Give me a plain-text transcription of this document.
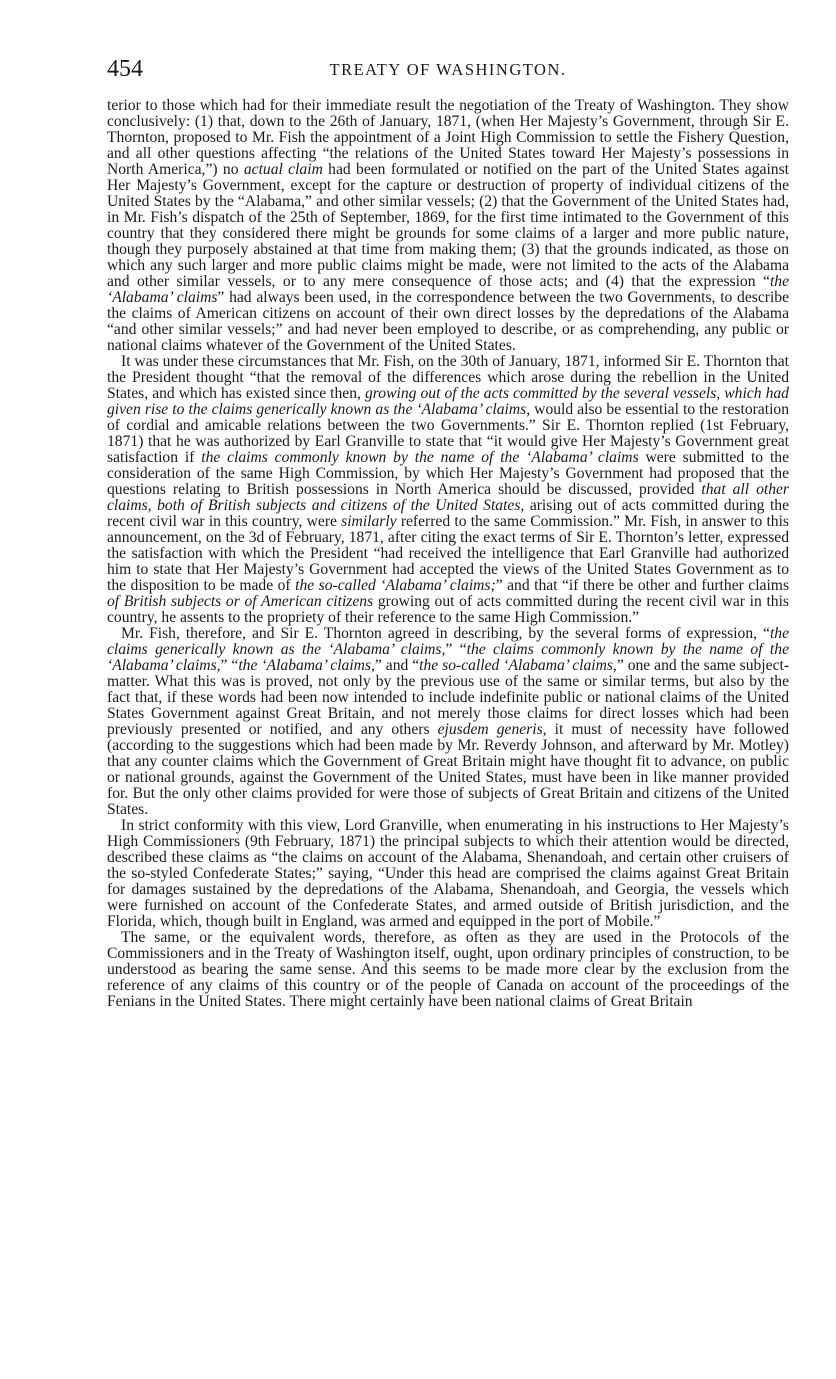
454	TREATY OF WASHINGTON.

terior to those which had for their immediate result the negotiation of the Treaty of Washington. They show conclusively: (1) that, down to the 26th of January, 1871, (when Her Majesty’s Government, through Sir E. Thornton, proposed to Mr. Fish the appointment of a Joint High Commission to settle the Fishery Question, and all other questions affecting “the relations of the United States toward Her Majesty’s possessions in North America,”) no actual claim had been formulated or notified on the part of the United States against Her Majesty’s Government, except for the capture or destruction of property of individual citizens of the United States by the “Alabama,” and other similar vessels; (2) that the Government of the United States had, in Mr. Fish’s dispatch of the 25th of September, 1869, for the first time intimated to the Government of this country that they considered there might be grounds for some claims of a larger and more public nature, though they purposely abstained at that time from making them; (3) that the grounds indicated, as those on which any such larger and more public claims might be made, were not limited to the acts of the Alabama and other similar vessels, or to any mere consequence of those acts; and (4) that the expression “the ‘Alabama’ claims” had always been used, in the correspondence between the two Governments, to describe the claims of American citizens on account of their own direct losses by the depredations of the Alabama “and other similar vessels;” and had never been employed to describe, or as comprehending, any public or national claims whatever of the Government of the United States.

It was under these circumstances that Mr. Fish, on the 30th of January, 1871, informed Sir E. Thornton that the President thought “that the removal of the differences which arose during the rebellion in the United States, and which has existed since then, growing out of the acts committed by the several vessels, which had given rise to the claims generically known as the ‘Alabama’ claims, would also be essential to the restoration of cordial and amicable relations between the two Governments.” Sir E. Thornton replied (1st February, 1871) that he was authorized by Earl Granville to state that “it would give Her Majesty’s Government great satisfaction if the claims commonly known by the name of the ‘Alabama’ claims were submitted to the consideration of the same High Commission, by which Her Majesty’s Government had proposed that the questions relating to British possessions in North America should be discussed, provided that all other claims, both of British subjects and citizens of the United States, arising out of acts committed during the recent civil war in this country, were similarly referred to the same Commission.” Mr. Fish, in answer to this announcement, on the 3d of February, 1871, after citing the exact terms of Sir E. Thornton’s letter, expressed the satisfaction with which the President “had received the intelligence that Earl Granville had authorized him to state that Her Majesty’s Government had accepted the views of the United States Government as to the disposition to be made of the so-called ‘Alabama’ claims;” and that “if there be other and further claims of British subjects or of American citizens growing out of acts committed during the recent civil war in this country, he assents to the propriety of their reference to the same High Commission.”

Mr. Fish, therefore, and Sir E. Thornton agreed in describing, by the several forms of expression, “the claims generically known as the ‘Alabama’ claims,” “the claims commonly known by the name of the ‘Alabama’ claims,” “the ‘Alabama’ claims,” and “the so-called ‘Alabama’ claims,” one and the same subject-matter. What this was is proved, not only by the previous use of the same or similar terms, but also by the fact that, if these words had been now intended to include indefinite public or national claims of the United States Government against Great Britain, and not merely those claims for direct losses which had been previously presented or notified, and any others ejusdem generis, it must of necessity have followed (according to the suggestions which had been made by Mr. Reverdy Johnson, and afterward by Mr. Motley) that any counter claims which the Government of Great Britain might have thought fit to advance, on public or national grounds, against the Government of the United States, must have been in like manner provided for. But the only other claims provided for were those of subjects of Great Britain and citizens of the United States.

In strict conformity with this view, Lord Granville, when enumerating in his instructions to Her Majesty’s High Commissioners (9th February, 1871) the principal subjects to which their attention would be directed, described these claims as “the claims on account of the Alabama, Shenandoah, and certain other cruisers of the so-styled Confederate States;” saying, “Under this head are comprised the claims against Great Britain for damages sustained by the depredations of the Alabama, Shenandoah, and Georgia, the vessels which were furnished on account of the Confederate States, and armed outside of British jurisdiction, and the Florida, which, though built in England, was armed and equipped in the port of Mobile.”

The same, or the equivalent words, therefore, as often as they are used in the Protocols of the Commissioners and in the Treaty of Washington itself, ought, upon ordinary principles of construction, to be understood as bearing the same sense. And this seems to be made more clear by the exclusion from the reference of any claims of this country or of the people of Canada on account of the proceedings of the Fenians in the United States. There might certainly have been national claims of Great Britain
